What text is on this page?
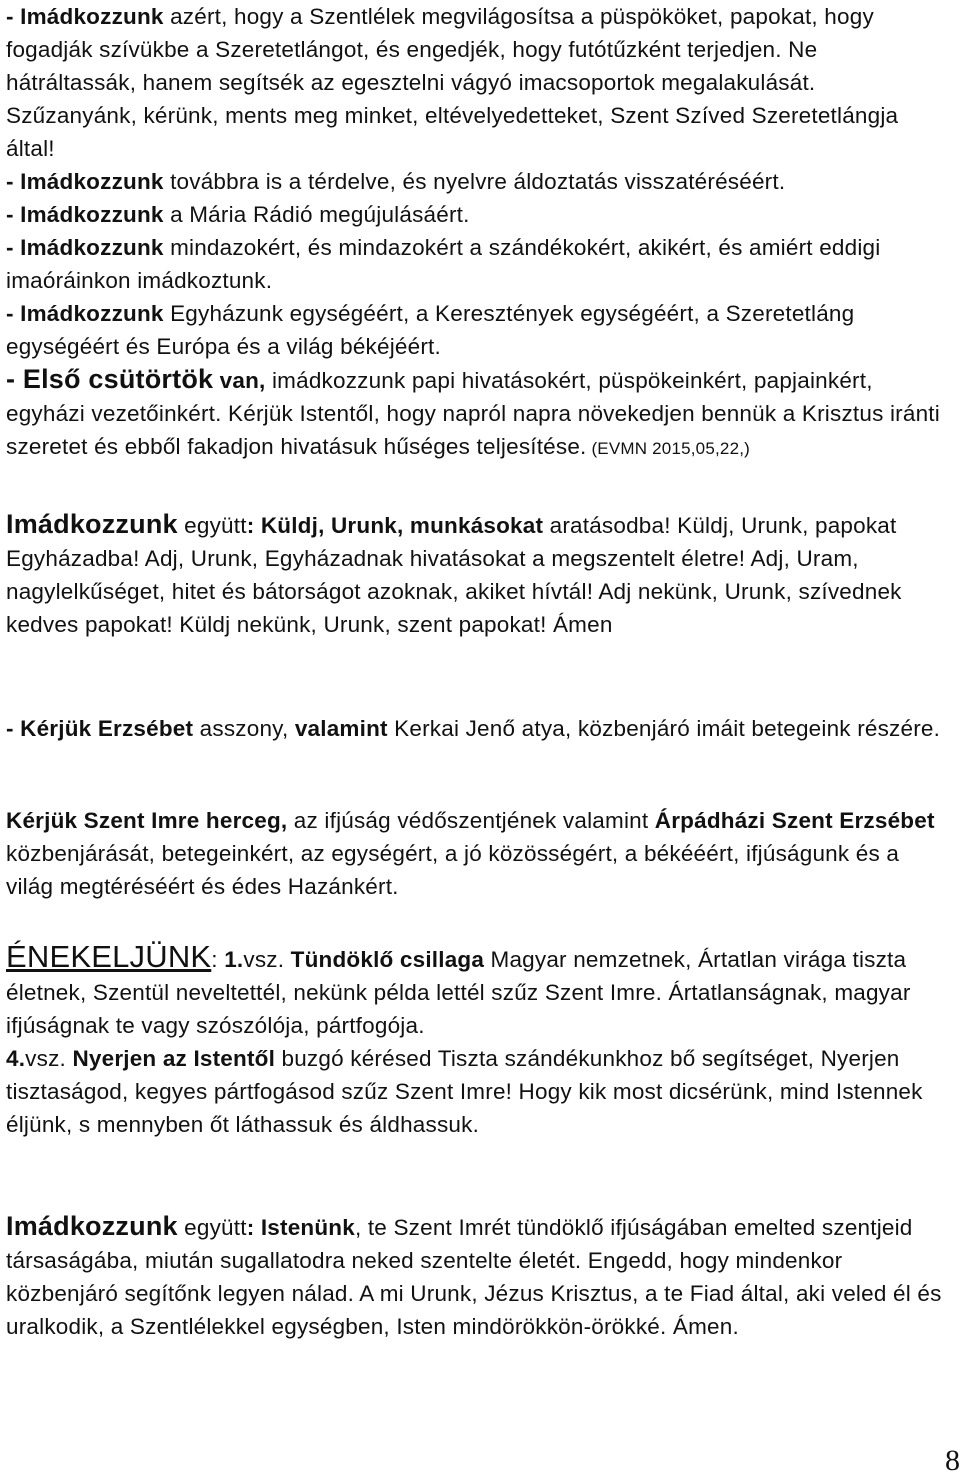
- Imádkozzunk azért, hogy a Szentlélek megvilágosítsa a püspököket, papokat, hogy fogadják szívükbe a Szeretetlángot, és engedjék, hogy futótűzként terjedjen. Ne hátráltassák, hanem segítsék az egesztelni vágyó imacsoportok megalakulását. Szűzanyánk, kérünk, ments meg minket, eltévelyedetteket, Szent Szíved Szeretetlángja által!

- Imádkozzunk továbbra is a térdelve, és nyelvre áldoztatás visszatéréséért.

- Imádkozzunk a Mária Rádió megújulásáért.

- Imádkozzunk mindazokért, és mindazokért a szándékokért, akikért, és amiért eddigi imaóráinkon imádkoztunk.

- Imádkozzunk Egyházunk egységéért, a Keresztények egységéért, a Szeretetláng egységéért és Európa és a világ békéjéért.

- Első csütörtök van, imádkozzunk papi hivatásokért, püspökeinkért, papjainkért, egyházi vezetőinkért. Kérjük Istentől, hogy napról napra növekedjen bennük a Krisztus iránti szeretet és ebből fakadjon hivatásuk hűséges teljesítése. (EVMN 2015,05,22,)

Imádkozzunk együtt: Küldj, Urunk, munkásokat aratásodba! Küldj, Urunk, papokat Egyházadba! Adj, Urunk, Egyházadnak hivatásokat a megszentelt életre! Adj, Uram, nagylelkűséget, hitet és bátorságot azoknak, akiket hívtál! Adj nekünk, Urunk, szívednek kedves papokat! Küldj nekünk, Urunk, szent papokat! Ámen

- Kérjük Erzsébet asszony, valamint Kerkai Jenő atya, közbenjáró imáit betegeink részére.

Kérjük Szent Imre herceg, az ifjúság védőszentjének valamint Árpádházi Szent Erzsébet közbenjárását, betegeinkért, az egységért, a jó közösségért, a békééért, ifjúságunk és a világ megtéréséért és édes Hazánkért.

ÉNEKELJÜNK: 1.vsz. Tündöklő csillaga Magyar nemzetnek, Ártatlan virága tiszta életnek, Szentül neveltettél, nekünk példa lettél szűz Szent Imre. Ártatlanságnak, magyar ifjúságnak te vagy szószólója, pártfogója.

4.vsz. Nyerjen az Istentől buzgó kérésed Tiszta szándékunkhoz bő segítséget, Nyerjen tisztaságod, kegyes pártfogásod szűz Szent Imre! Hogy kik most dicsérünk, mind Istennek éljünk, s mennyben őt láthassuk és áldhassuk.

Imádkozzunk együtt: Istenünk, te Szent Imrét tündöklő ifjúságában emelted szentjeid társaságába, miután sugallatodra neked szentelte életét. Engedd, hogy mindenkor közbenjáró segítőnk legyen nálad. A mi Urunk, Jézus Krisztus, a te Fiad által, aki veled él és uralkodik, a Szentlélekkel egységben, Isten mindörökkön-örökké. Ámen.

8
